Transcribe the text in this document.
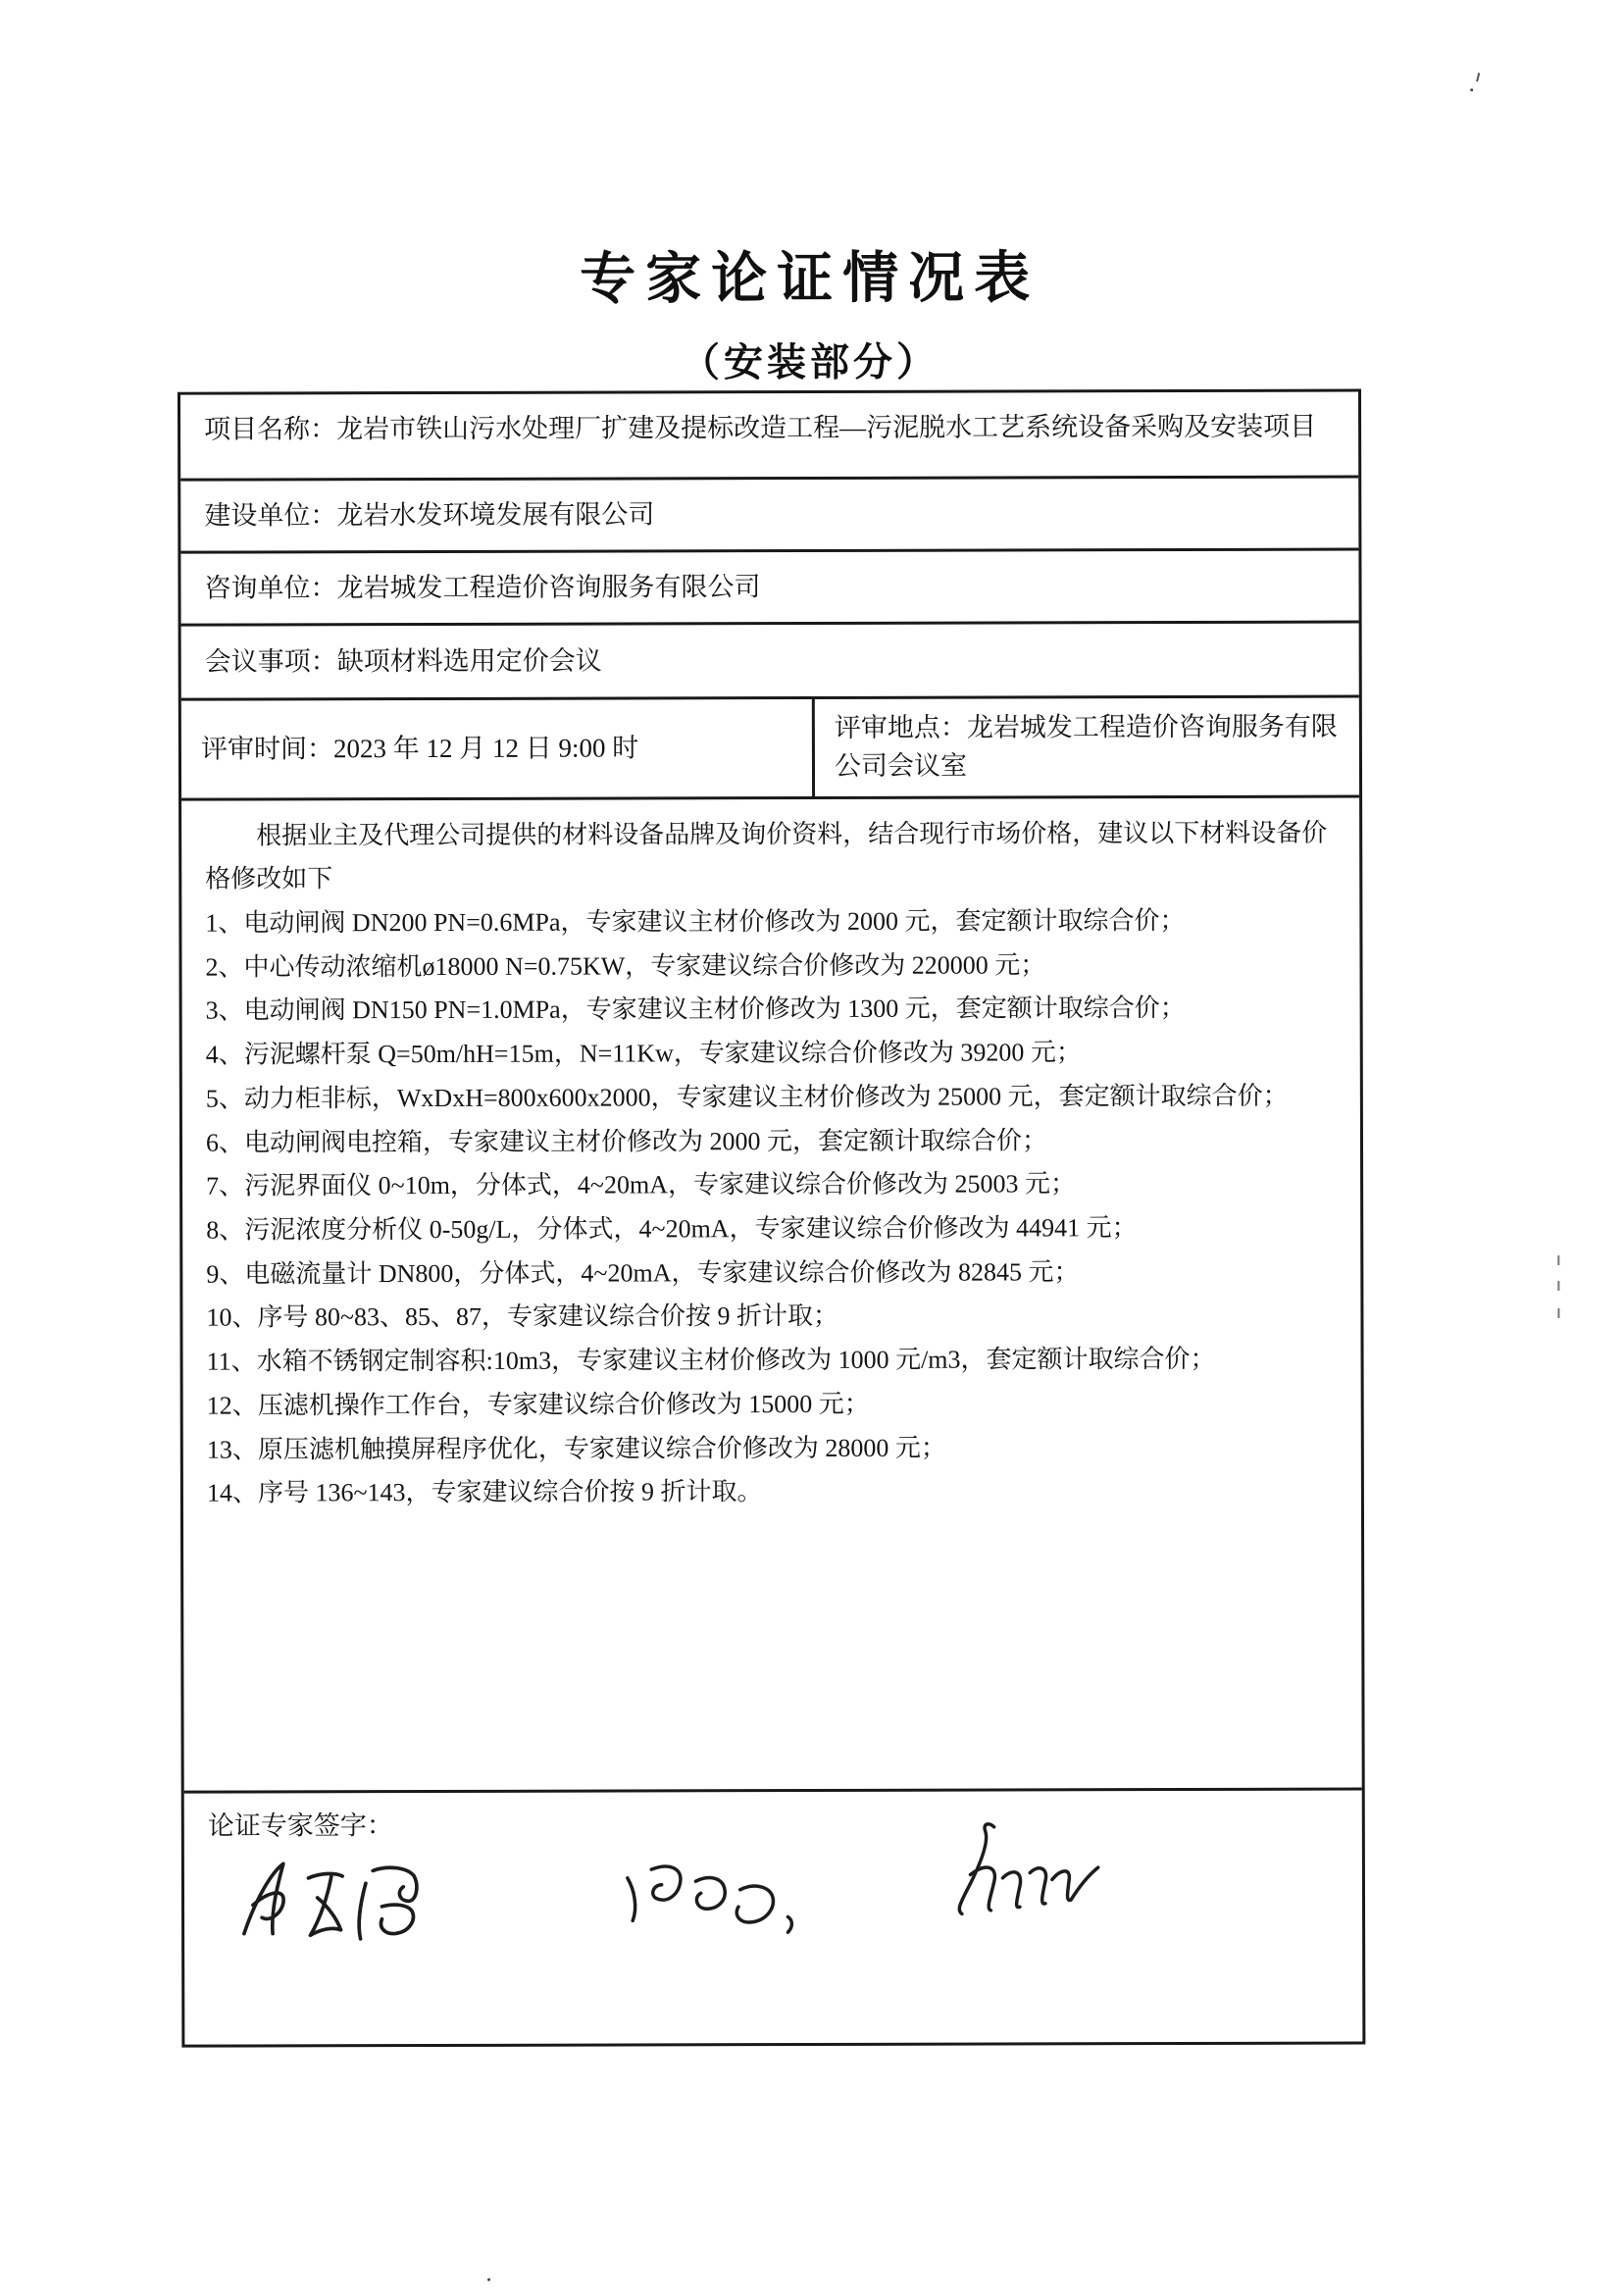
专家论证情况表
（安装部分）
项目名称：龙岩市铁山污水处理厂扩建及提标改造工程—污泥脱水工艺系统设备采购及安装项目
建设单位：龙岩水发环境发展有限公司
咨询单位：龙岩城发工程造价咨询服务有限公司
会议事项：缺项材料选用定价会议
评审时间：2023 年 12 月 12 日 9:00 时
评审地点：龙岩城发工程造价咨询服务有限公司会议室

根据业主及代理公司提供的材料设备品牌及询价资料，结合现行市场价格，建议以下材料设备价格修改如下

1、电动闸阀 DN200 PN=0.6MPa，专家建议主材价修改为 2000 元，套定额计取综合价；
2、中心传动浓缩机ø18000 N=0.75KW，专家建议综合价修改为 220000 元；
3、电动闸阀 DN150 PN=1.0MPa，专家建议主材价修改为 1300 元，套定额计取综合价；
4、污泥螺杆泵 Q=50m/hH=15m，N=11Kw，专家建议综合价修改为 39200 元；
5、动力柜非标，WxDxH=800x600x2000，专家建议主材价修改为 25000 元，套定额计取综合价；
6、电动闸阀电控箱，专家建议主材价修改为 2000 元，套定额计取综合价；
7、污泥界面仪 0~10m，分体式，4~20mA，专家建议综合价修改为 25003 元；
8、污泥浓度分析仪 0-50g/L，分体式，4~20mA，专家建议综合价修改为 44941 元；
9、电磁流量计 DN800，分体式，4~20mA，专家建议综合价修改为 82845 元；
10、序号 80~83、85、87，专家建议综合价按 9 折计取；
11、水箱不锈钢定制容积:10m3，专家建议主材价修改为 1000 元/m3，套定额计取综合价；
12、压滤机操作工作台，专家建议综合价修改为 15000 元；
13、原压滤机触摸屏程序优化，专家建议综合价修改为 28000 元；
14、序号 136~143，专家建议综合价按 9 折计取。
论证专家签字：
